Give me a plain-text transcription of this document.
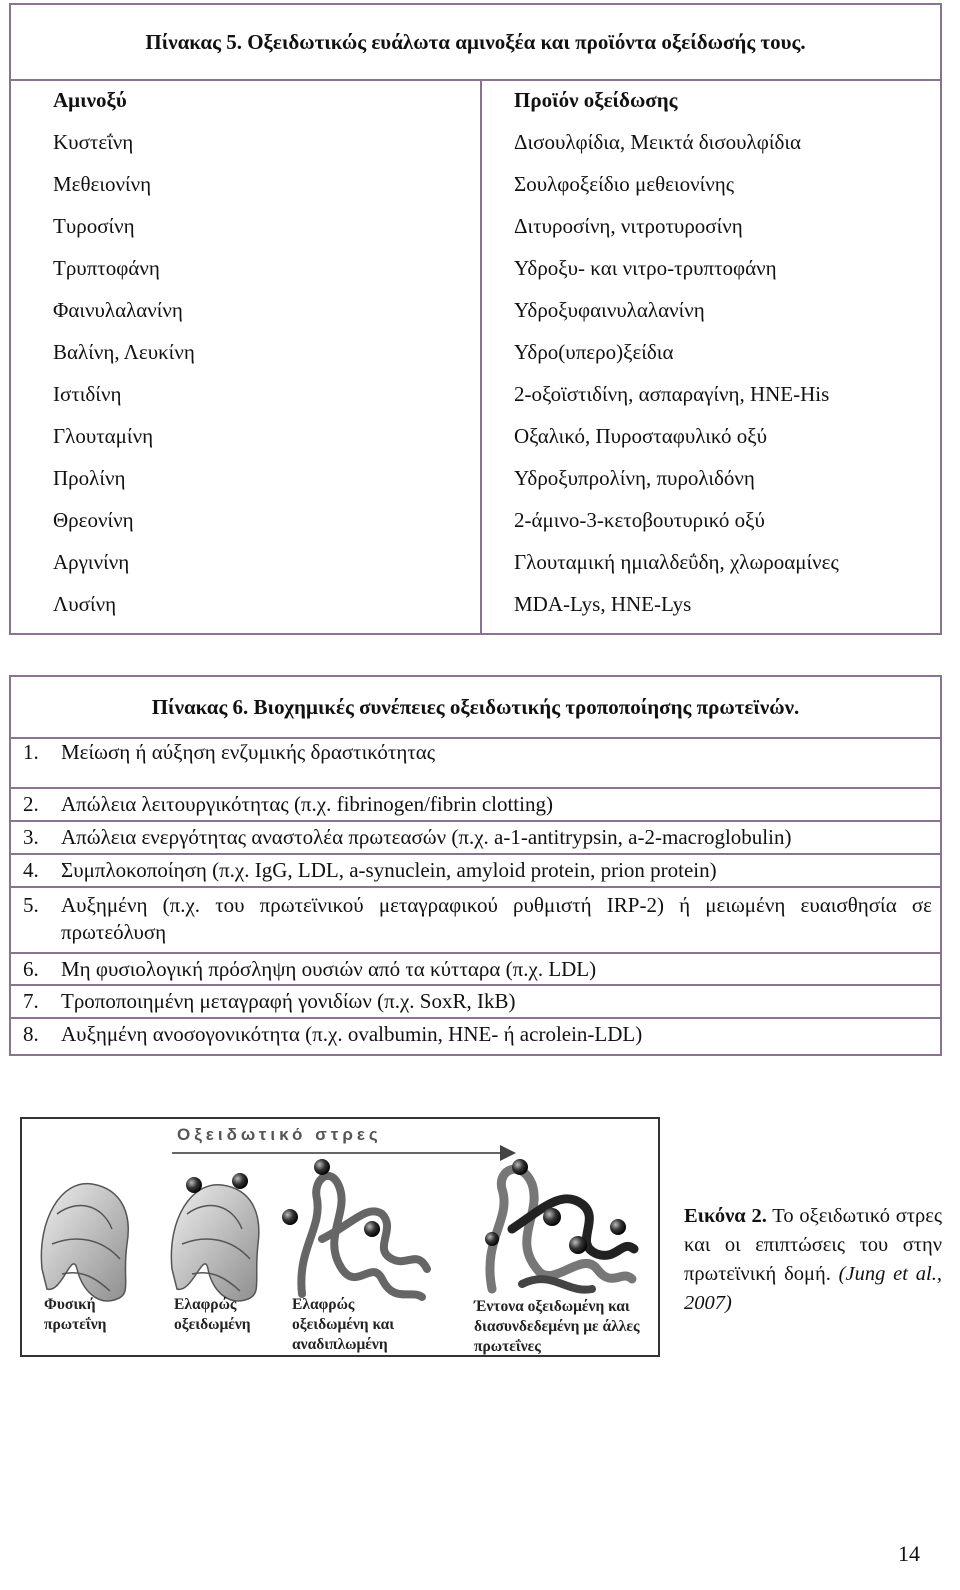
Πίνακας 5. Οξειδωτικώς ευάλωτα αμινοξέα και προϊόντα οξείδωσής τους.
Αμινοξύ	Προϊόν οξείδωσης
Κυστεΐνη	Δισουλφίδια, Μεικτά δισουλφίδια
Μεθειονίνη	Σουλφοξείδιο μεθειονίνης
Τυροσίνη	Διτυροσίνη, νιτροτυροσίνη
Τρυπτοφάνη	Υδροξυ- και νιτρο-τρυπτοφάνη
Φαινυλαλανίνη	Υδροξυφαινυλαλανίνη
Βαλίνη, Λευκίνη	Υδρο(υπερο)ξείδια
Ιστιδίνη	2-οξοϊστιδίνη, ασπαραγίνη, HNE-His
Γλουταμίνη	Οξαλικό, Πυροσταφυλικό οξύ
Προλίνη	Υδροξυπρολίνη, πυρολιδόνη
Θρεονίνη	2-άμινο-3-κετοβουτυρικό οξύ
Αργινίνη	Γλουταμική ημιαλδεΰδη, χλωροαμίνες
Λυσίνη	MDA-Lys, HNE-Lys
Πίνακας 6. Βιοχημικές συνέπειες οξειδωτικής τροποποίησης πρωτεϊνών.
1. Μείωση ή αύξηση ενζυμικής δραστικότητας
2. Απώλεια λειτουργικότητας (π.χ. fibrinogen/fibrin clotting)
3. Απώλεια ενεργότητας αναστολέα πρωτεασών (π.χ. a-1-antitrypsin, a-2-macroglobulin)
4. Συμπλοκοποίηση (π.χ. IgG, LDL, a-synuclein, amyloid protein, prion protein)
5. Αυξημένη (π.χ. του πρωτεϊνικού μεταγραφικού ρυθμιστή IRP-2) ή μειωμένη ευαισθησία σε πρωτεόλυση
6. Μη φυσιολογική πρόσληψη ουσιών από τα κύτταρα (π.χ. LDL)
7. Τροποποιημένη μεταγραφή γονιδίων (π.χ. SoxR, IkB)
8. Αυξημένη ανοσογονικότητα (π.χ. ovalbumin, HNE- ή acrolein-LDL)
Οξειδωτικό στρες
Φυσική
πρωτεΐνη
Ελαφρώς
οξειδωμένη
Ελαφρώς
οξειδωμένη και
αναδιπλωμένη
Έντονα οξειδωμένη και
διασυνδεδεμένη με άλλες
πρωτεΐνες
Εικόνα 2. Το οξειδωτικό στρες και οι επιπτώσεις του στην πρωτεϊνική δομή. (Jung et al., 2007)
14
